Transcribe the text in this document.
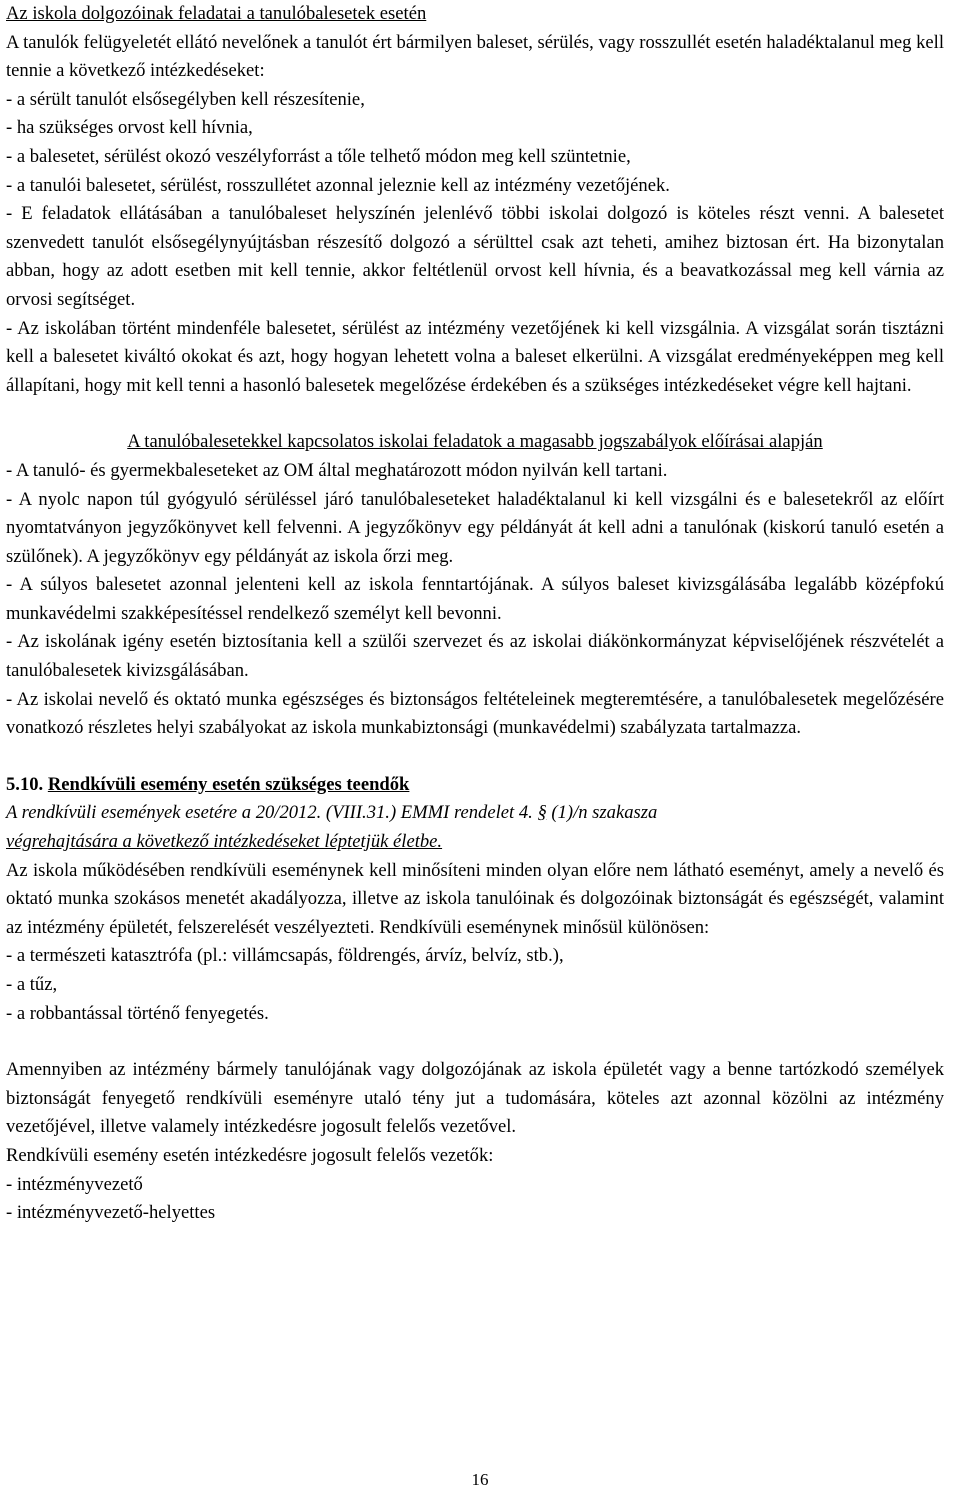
Az iskola dolgozóinak feladatai a tanulóbalesetek esetén

A tanulók felügyeletét ellátó nevelőnek a tanulót ért bármilyen baleset, sérülés, vagy rosszullét esetén haladéktalanul meg kell tennie a következő intézkedéseket:

- a sérült tanulót elsősegélyben kell részesítenie,

- ha szükséges orvost kell hívnia,

- a balesetet, sérülést okozó veszélyforrást a tőle telhető módon meg kell szüntetnie,

- a tanulói balesetet, sérülést, rosszullétet azonnal jeleznie kell az intézmény vezetőjének.

- E feladatok ellátásában a tanulóbaleset helyszínén jelenlévő többi iskolai dolgozó is köteles részt venni. A balesetet szenvedett tanulót elsősegélynyújtásban részesítő dolgozó a sérülttel csak azt teheti, amihez biztosan ért. Ha bizonytalan abban, hogy az adott esetben mit kell tennie, akkor feltétlenül orvost kell hívnia, és a beavatkozással meg kell várnia az orvosi segítséget.

- Az iskolában történt mindenféle balesetet, sérülést az intézmény vezetőjének ki kell vizsgálnia. A vizsgálat során tisztázni kell a balesetet kiváltó okokat és azt, hogy hogyan lehetett volna a baleset elkerülni. A vizsgálat eredményeképpen meg kell állapítani, hogy mit kell tenni a hasonló balesetek megelőzése érdekében és a szükséges intézkedéseket végre kell hajtani.

A tanulóbalesetekkel kapcsolatos iskolai feladatok a magasabb jogszabályok előírásai alapján

- A tanuló- és gyermekbaleseteket az OM által meghatározott módon nyilván kell tartani.

- A nyolc napon túl gyógyuló sérüléssel járó tanulóbaleseteket haladéktalanul ki kell vizsgálni és e balesetekről az előírt nyomtatványon jegyzőkönyvet kell felvenni. A jegyzőkönyv egy példányát át kell adni a tanulónak (kiskorú tanuló esetén a szülőnek). A jegyzőkönyv egy példányát az iskola őrzi meg.

- A súlyos balesetet azonnal jelenteni kell az iskola fenntartójának. A súlyos baleset kivizsgálásába legalább középfokú munkavédelmi szakképesítéssel rendelkező személyt kell bevonni.

- Az iskolának igény esetén biztosítania kell a szülői szervezet és az iskolai diákönkormányzat képviselőjének részvételét a tanulóbalesetek kivizsgálásában.

- Az iskolai nevelő és oktató munka egészséges és biztonságos feltételeinek megteremtésére, a tanulóbalesetek megelőzésére vonatkozó részletes helyi szabályokat az iskola munkabiztonsági (munkavédelmi) szabályzata tartalmazza.

5.10. Rendkívüli esemény esetén szükséges teendők

A rendkívüli események esetére a 20/2012. (VIII.31.) EMMI rendelet 4. § (1)/n szakasza

végrehajtására a következő intézkedéseket léptetjük életbe.

Az iskola működésében rendkívüli eseménynek kell minősíteni minden olyan előre nem látható eseményt, amely a nevelő és oktató munka szokásos menetét akadályozza, illetve az iskola tanulóinak és dolgozóinak biztonságát és egészségét, valamint az intézmény épületét, felszerelését veszélyezteti. Rendkívüli eseménynek minősül különösen:

- a természeti katasztrófa (pl.: villámcsapás, földrengés, árvíz, belvíz, stb.),

- a tűz,

- a robbantással történő fenyegetés.

Amennyiben az intézmény bármely tanulójának vagy dolgozójának az iskola épületét vagy a benne tartózkodó személyek biztonságát fenyegető rendkívüli eseményre utaló tény jut a tudomására, köteles azt azonnal közölni az intézmény vezetőjével, illetve valamely intézkedésre jogosult felelős vezetővel.

Rendkívüli esemény esetén intézkedésre jogosult felelős vezetők:

- intézményvezető

- intézményvezető-helyettes

16
